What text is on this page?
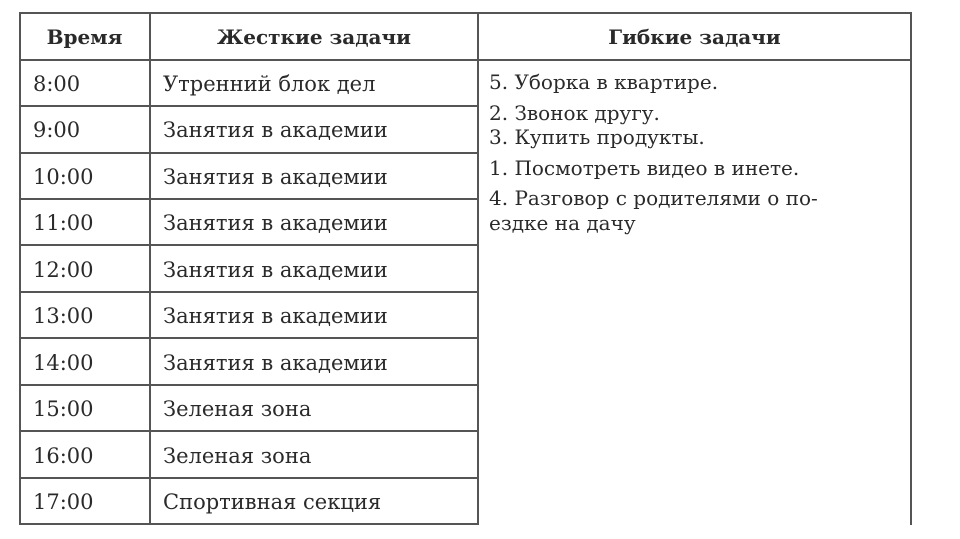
Время	Жесткие задачи	Гибкие задачи
8:00
9:00
10:00
11:00
12:00
13:00
14:00
15:00
16:00
17:00
Утренний блок дел
Занятия в академии
Занятия в академии
Занятия в академии
Занятия в академии
Занятия в академии
Занятия в академии
Зеленая зона
Зеленая зона
Спортивная секция
5. Уборка в квартире.
2. Звонок другу.
3. Купить продукты.
1. Посмотреть видео в инете.
4. Разговор с родителями о по-
ездке на дачу
